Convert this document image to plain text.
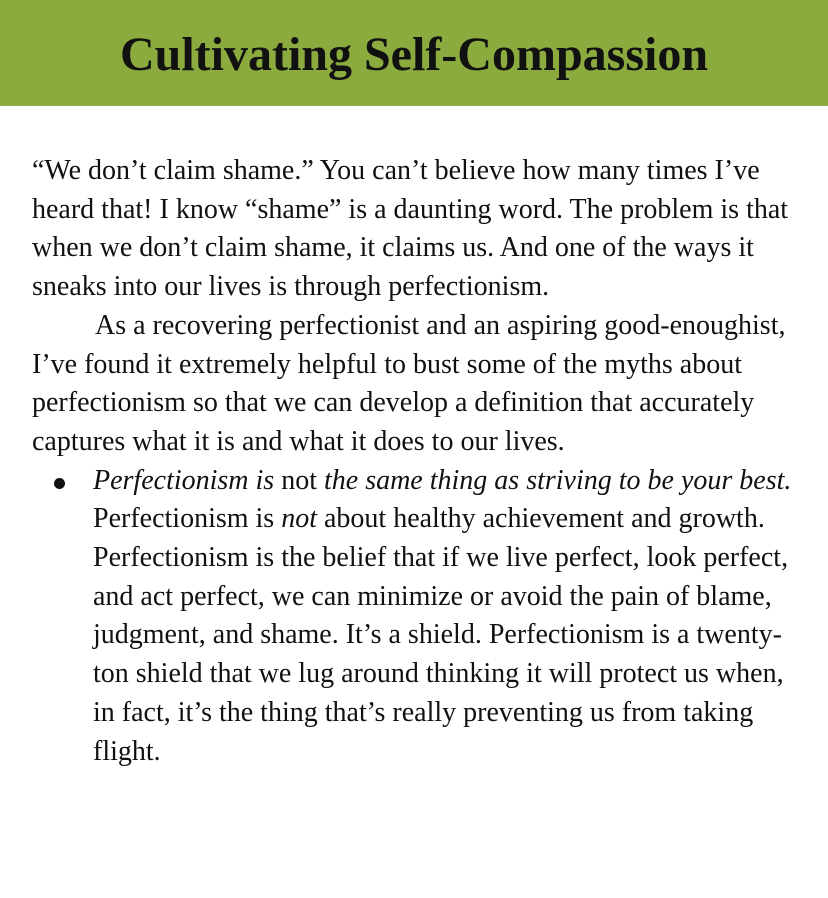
Cultivating Self-Compassion

“We don’t claim shame.” You can’t believe how many times I’ve heard that! I know “shame” is a daunting word. The problem is that when we don’t claim shame, it claims us. And one of the ways it sneaks into our lives is through perfectionism.

As a recovering perfectionist and an aspiring good-enoughist, I’ve found it extremely helpful to bust some of the myths about perfectionism so that we can develop a definition that accurately captures what it is and what it does to our lives.

Perfectionism is not the same thing as striving to be your best. Perfectionism is not about healthy achievement and growth. Perfectionism is the belief that if we live perfect, look perfect, and act perfect, we can minimize or avoid the pain of blame, judgment, and shame. It’s a shield. Perfectionism is a twenty-ton shield that we lug around thinking it will protect us when, in fact, it’s the thing that’s really preventing us from taking flight.
